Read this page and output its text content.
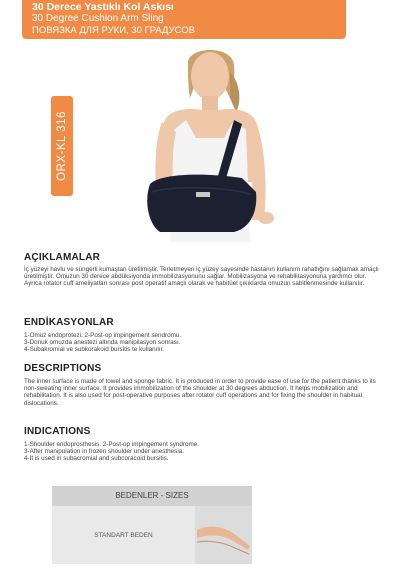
30 Derece Yastıklı Kol Askısı
30 Degree Cushion Arm Sling
ПОВЯЗКА ДЛЯ РУКИ, 30 ГРАДУСОВ
ORX-KL 316
AÇIKLAMALAR
İç yüzeyi havlu ve süngerli kumaştan üretilmiştir. Terletmeyen iç yüzey sayesinde hastanın kullanım rahatlığını sağlamak amaçlı üretilmiştir. Omuzun 30 derece abdüksiyonda immobilizasyonunu sağlar. Mobilizasyona ve rehabilitasyonuna yardımcı olur. Ayrıca rotator cuff ameliyatları sonrası post operatif amaçlı olarak ve habitüel çıkıklarda omuzun sabitlenmesinde kullanılır.
ENDİKASYONLAR
1-Omuz endoprotezi. 2-Post-op impingement sendromu.
3-Donuk omuzda anestezi altında manipilasyon sonrası.
4-Subakromial ve subkorakoid bursitis te kullanılır.
DESCRIPTIONS
The inner surface is made of towel and sponge fabric. It is produced in order to provide ease of use for the patient thanks to its non-sweating inner surface. It provides immobilization of the shoulder at 30 degrees abduction. It helps mobilization and rehabilitation. It is also used for post-operative purposes after rotator cuff operations and for fixing the shoulder in habitual dislocations.
INDICATIONS
1-Shoulder endoprosthesis. 2-Post-op impingement syndrome.
3-After manipulation in frozen shoulder under anesthesia.
4-It is used in subacromial and subcoracoid bursitis.
BEDENLER - SIZES
STANDART BEDEN
